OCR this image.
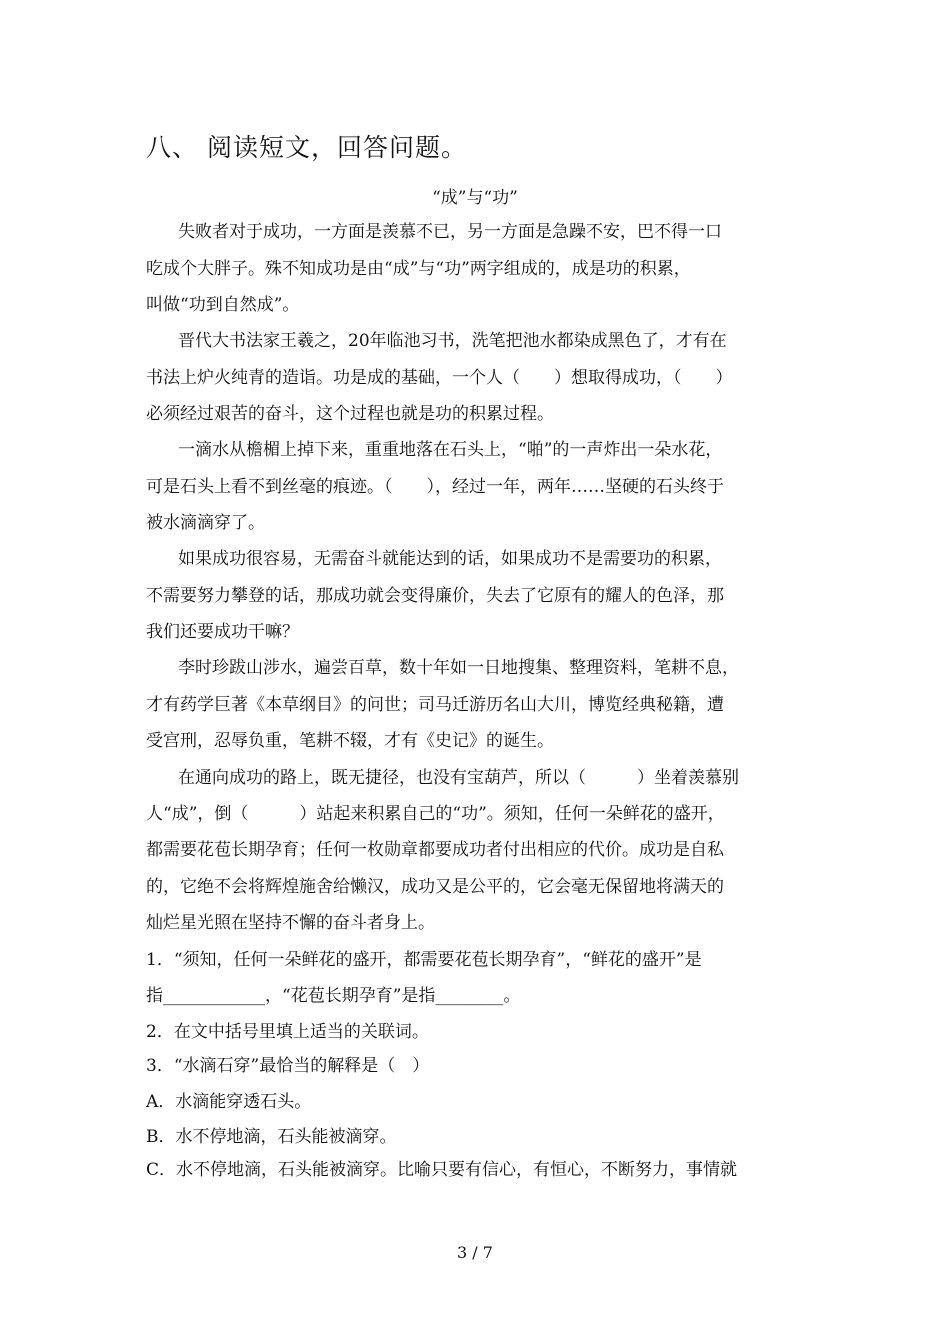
八、 阅读短文，回答问题。
“成”与“功”
失败者对于成功，一方面是羡慕不已，另一方面是急躁不安，巴不得一口
吃成个大胖子。殊不知成功是由“成”与“功”两字组成的，成是功的积累，
叫做“功到自然成”。
晋代大书法家王羲之，20年临池习书，洗笔把池水都染成黑色了，才有在
书法上炉火纯青的造诣。功是成的基础，一个人（　　）想取得成功，（　　）
必须经过艰苦的奋斗，这个过程也就是功的积累过程。
一滴水从檐楣上掉下来，重重地落在石头上，“啪”的一声炸出一朵水花，
可是石头上看不到丝毫的痕迹。（　　），经过一年，两年……坚硬的石头终于
被水滴滴穿了。
如果成功很容易，无需奋斗就能达到的话，如果成功不是需要功的积累，
不需要努力攀登的话，那成功就会变得廉价，失去了它原有的耀人的色泽，那
我们还要成功干嘛？
李时珍跋山涉水，遍尝百草，数十年如一日地搜集、整理资料，笔耕不息，
才有药学巨著《本草纲目》的问世；司马迁游历名山大川，博览经典秘籍，遭
受宫刑，忍辱负重，笔耕不辍，才有《史记》的诞生。
在通向成功的路上，既无捷径，也没有宝葫芦，所以（　　　）坐着羡慕别
人“成”，倒（　　　）站起来积累自己的“功”。须知，任何一朵鲜花的盛开，
都需要花苞长期孕育；任何一枚勋章都要成功者付出相应的代价。成功是自私
的，它绝不会将辉煌施舍给懒汉，成功又是公平的，它会毫无保留地将满天的
灿烂星光照在坚持不懈的奋斗者身上。
1．“须知，任何一朵鲜花的盛开，都需要花苞长期孕育”，“鲜花的盛开”是
指____________，“花苞长期孕育”是指________。
2．在文中括号里填上适当的关联词。
3．“水滴石穿”最恰当的解释是（　）
A．水滴能穿透石头。
B．水不停地滴，石头能被滴穿。
C．水不停地滴，石头能被滴穿。比喻只要有信心，有恒心，不断努力，事情就
3 / 7
